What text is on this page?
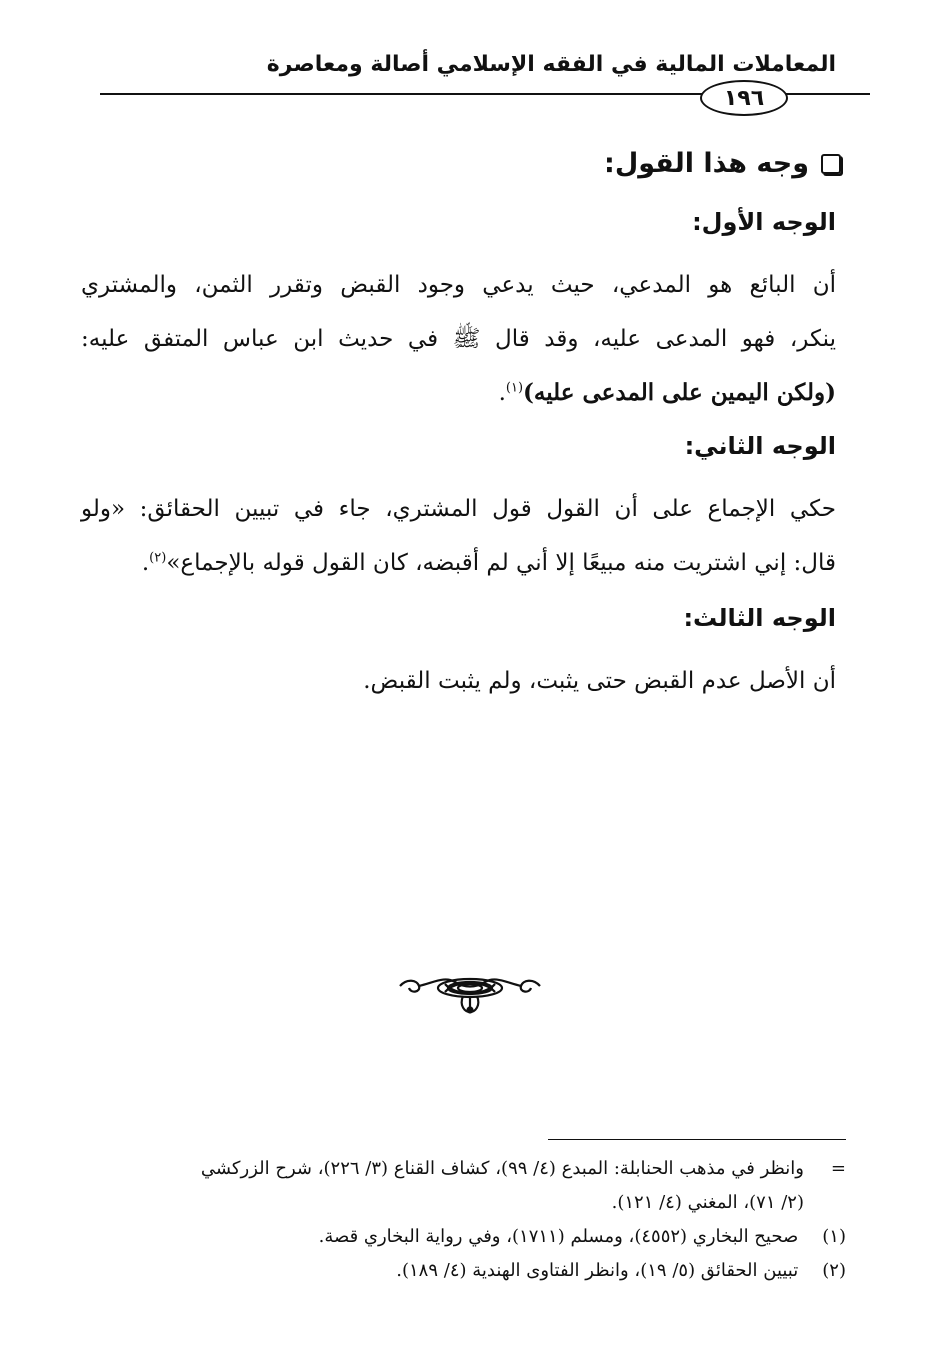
المعاملات المالية في الفقه الإسلامي أصالة ومعاصرة
١٩٦
وجه هذا القول:
الوجه الأول:
أن البائع هو المدعي، حيث يدعي وجود القبض وتقرر الثمن، والمشتري
ينكر، فهو المدعى عليه، وقد قال ﷺ في حديث ابن عباس المتفق عليه:
(ولكن اليمين على المدعى عليه)$^{(١)}$.
الوجه الثاني:
حكي الإجماع على أن القول قول المشتري، جاء في تبيين الحقائق: «ولو
قال: إني اشتريت منه مبيعًا إلا أني لم أقبضه، كان القول قوله بالإجماع»$^{(٢)}$.
الوجه الثالث:
أن الأصل عدم القبض حتى يثبت، ولم يثبت القبض.
=وانظر في مذهب الحنابلة: المبدع (٤/ ٩٩)، كشاف القناع (٣/ ٢٢٦)، شرح الزركشي
(٢/ ٧١)، المغني (٤/ ١٢١).
(١) صحيح البخاري (٤٥٥٢)، ومسلم (١٧١١)، وفي رواية البخاري قصة.
(٢) تبيين الحقائق (٥/ ١٩)، وانظر الفتاوى الهندية (٤/ ١٨٩).
